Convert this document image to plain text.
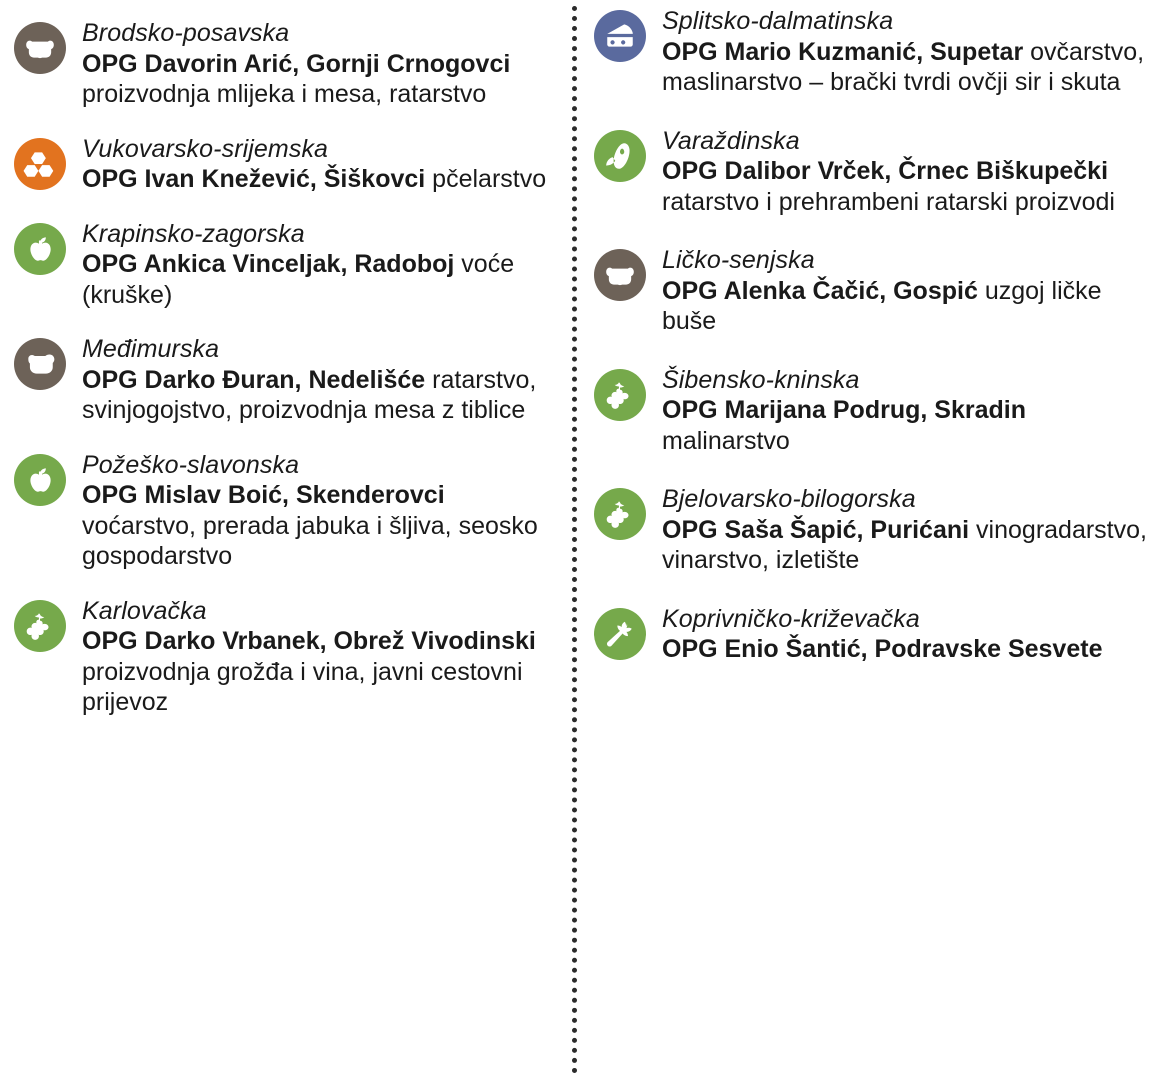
Brodsko-posavska
OPG Davorin Arić, Gornji Crnogovci proizvodnja mlijeka i mesa, ratarstvo
Vukovarsko-srijemska
OPG Ivan Knežević, Šiškovci pčelarstvo
Krapinsko-zagorska
OPG Ankica Vinceljak, Radoboj voće (kruške)
Međimurska
OPG Darko Đuran, Nedelišće ratarstvo, svinjogojstvo, proizvodnja mesa z tiblice
Požeško-slavonska
OPG Mislav Boić, Skenderovci voćarstvo, prerada jabuka i šljiva, seosko gospodarstvo
Karlovačka
OPG Darko Vrbanek, Obrež Vivodinski proizvodnja grožđa i vina, javni cestovni prijevoz
Splitsko-dalmatinska
OPG Mario Kuzmanić, Supetar ovčarstvo, maslinarstvo – brački tvrdi ovčji sir i skuta
Varaždinska
OPG Dalibor Vrček, Črnec Biškupečki ratarstvo i prehrambeni ratarski proizvodi
Ličko-senjska
OPG Alenka Čačić, Gospić uzgoj ličke buše
Šibensko-kninska
OPG Marijana Podrug, Skradin malinarstvo
Bjelovarsko-bilogorska
OPG Saša Šapić, Purićani vinogradarstvo, vinarstvo, izletište
Koprivničko-križevačka
OPG Enio Šantić, Podravske Sesvete
